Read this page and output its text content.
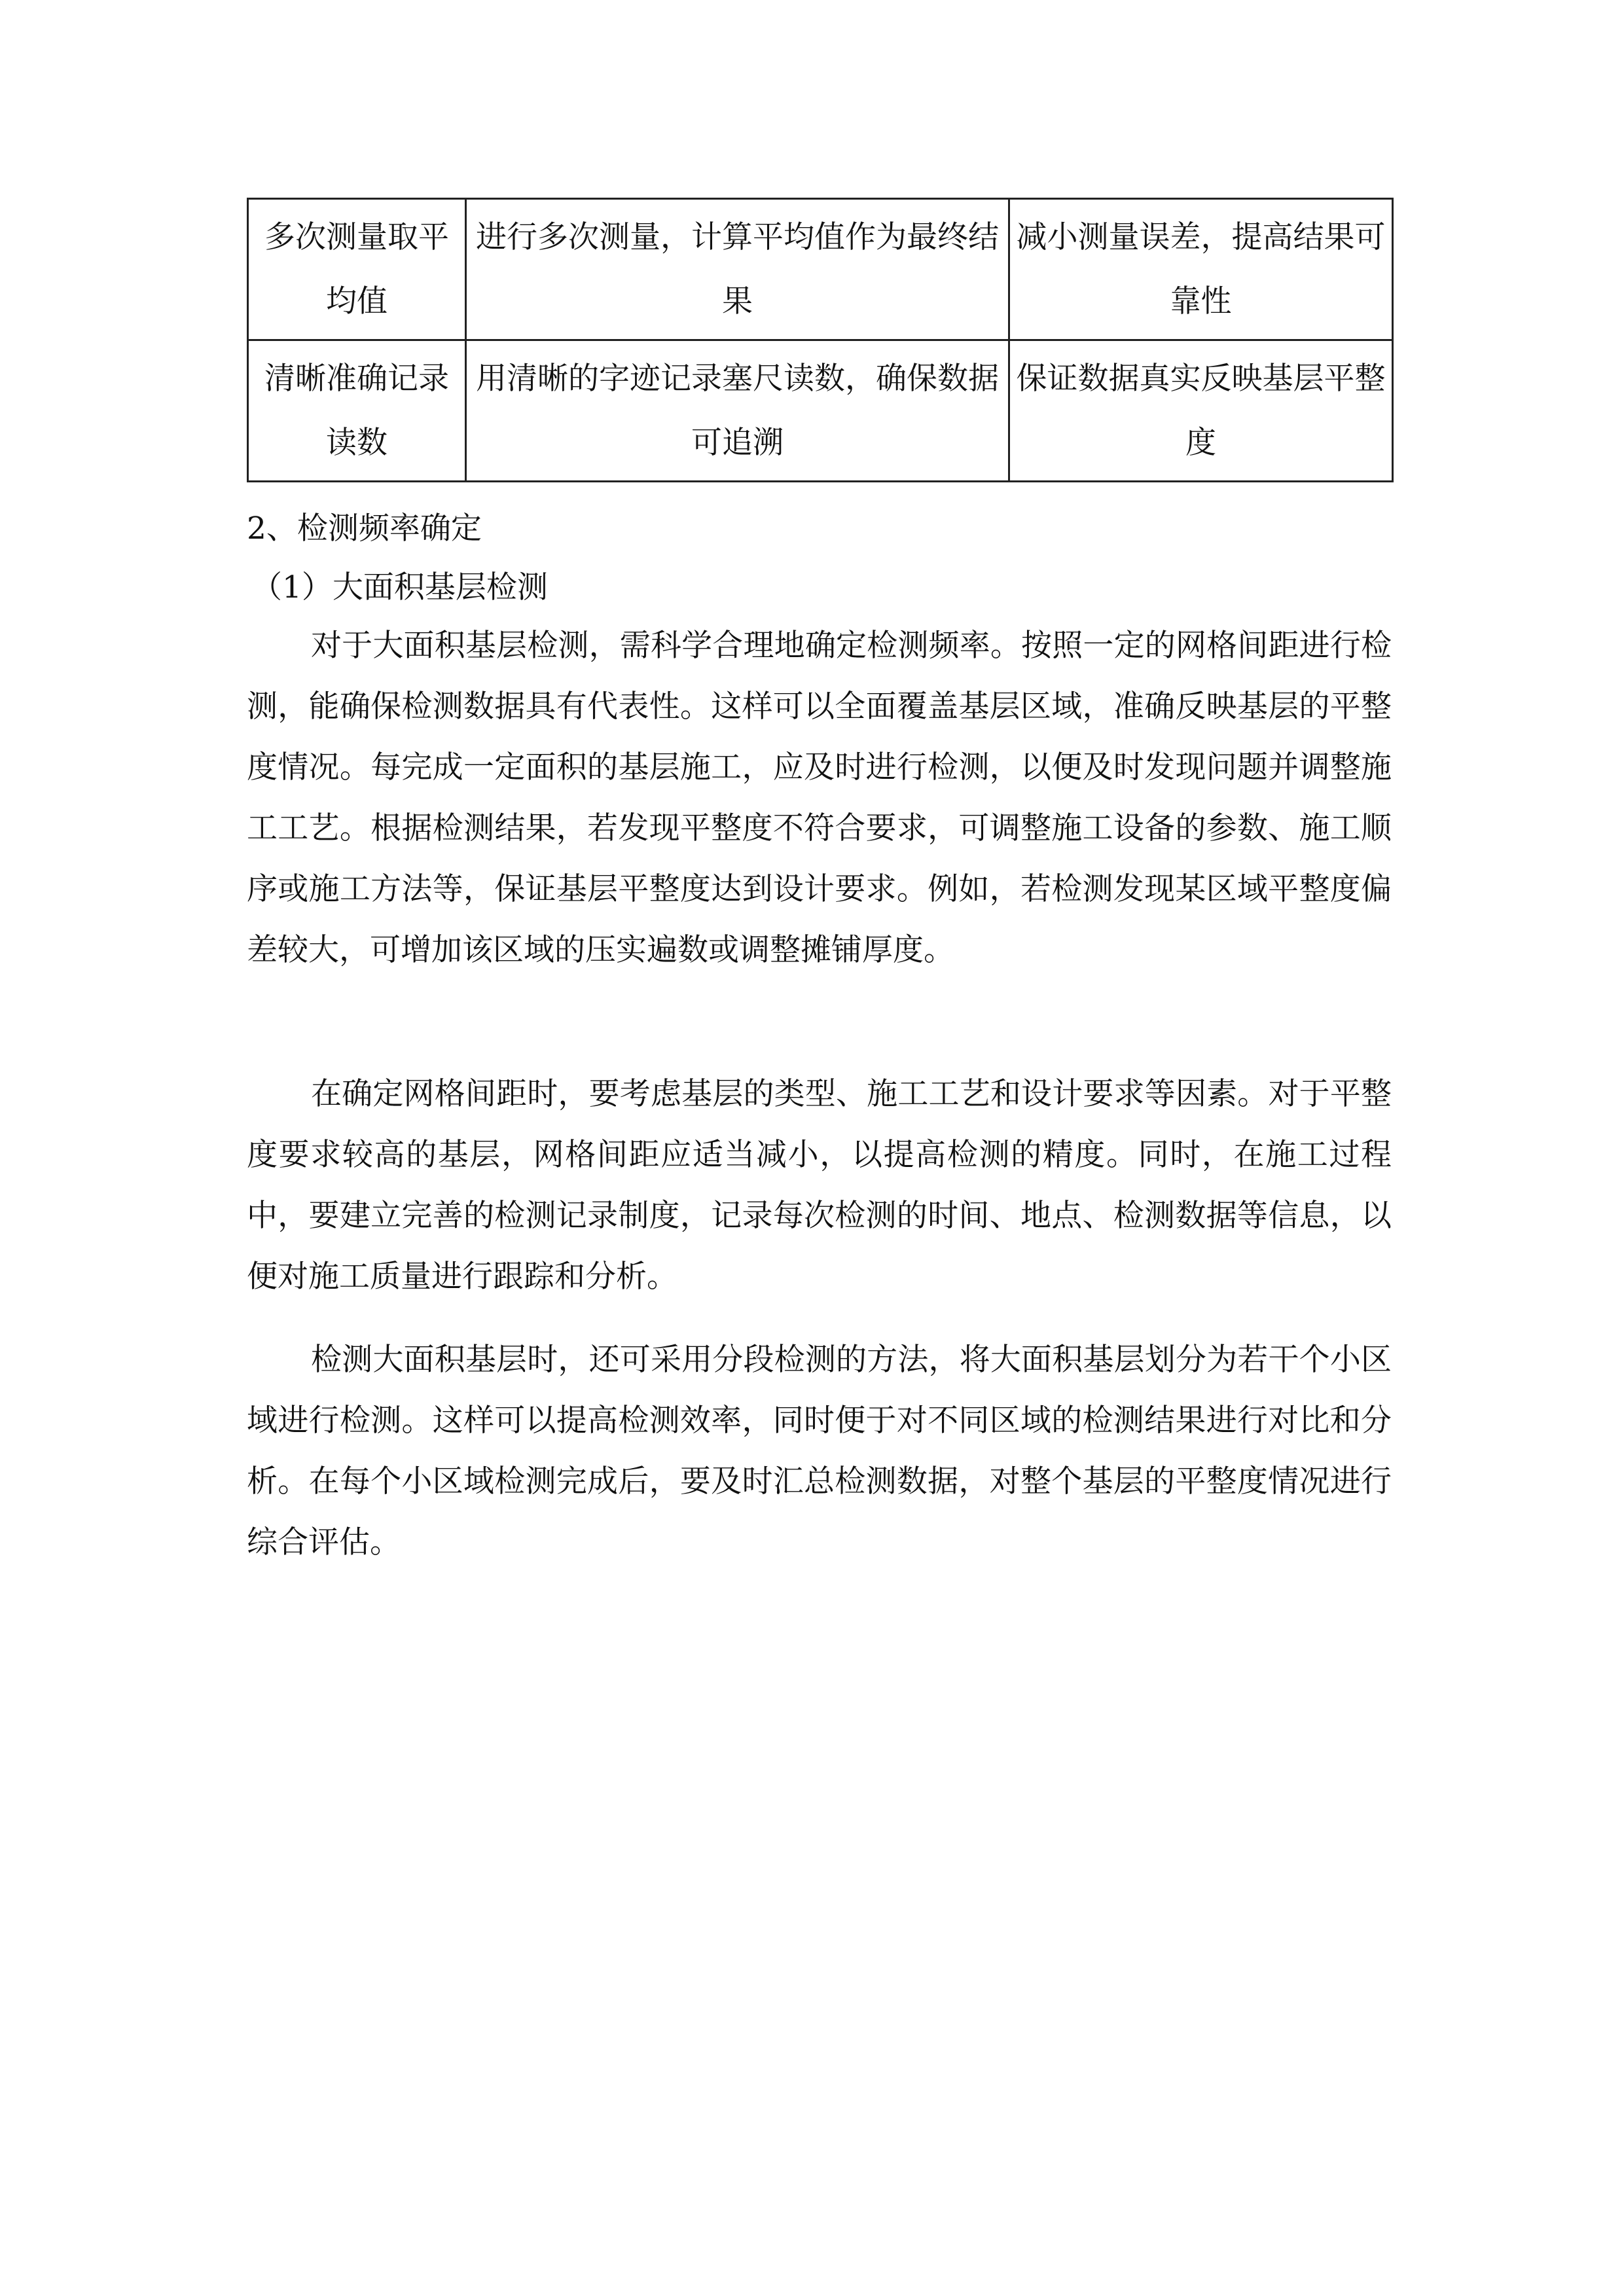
多次测量取平均值	进行多次测量，计算平均值作为最终结果	减小测量误差，提高结果可靠性
清晰准确记录读数	用清晰的字迹记录塞尺读数，确保数据可追溯	保证数据真实反映基层平整度
2、检测频率确定
（1）大面积基层检测

对于大面积基层检测，需科学合理地确定检测频率。按照一定的网格间距进行检测，能确保检测数据具有代表性。这样可以全面覆盖基层区域，准确反映基层的平整度情况。每完成一定面积的基层施工，应及时进行检测，以便及时发现问题并调整施工工艺。根据检测结果，若发现平整度不符合要求，可调整施工设备的参数、施工顺序或施工方法等，保证基层平整度达到设计要求。例如，若检测发现某区域平整度偏差较大，可增加该区域的压实遍数或调整摊铺厚度。

在确定网格间距时，要考虑基层的类型、施工工艺和设计要求等因素。对于平整度要求较高的基层，网格间距应适当减小，以提高检测的精度。同时，在施工过程中，要建立完善的检测记录制度，记录每次检测的时间、地点、检测数据等信息，以便对施工质量进行跟踪和分析。

检测大面积基层时，还可采用分段检测的方法，将大面积基层划分为若干个小区域进行检测。这样可以提高检测效率，同时便于对不同区域的检测结果进行对比和分析。在每个小区域检测完成后，要及时汇总检测数据，对整个基层的平整度情况进行综合评估。
